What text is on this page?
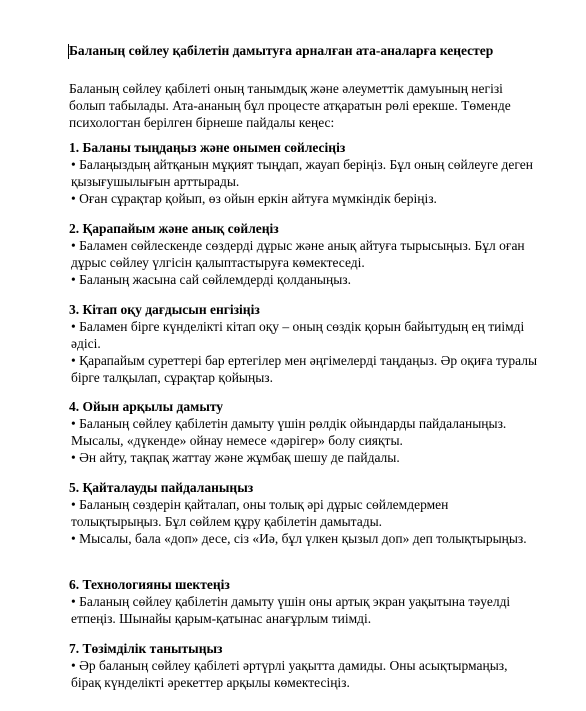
Баланың сөйлеу қабілетін дамытуға арналған ата-аналарға кеңестер
Баланың сөйлеу қабілеті оның танымдық және әлеуметтік дамуының негізі болып табылады. Ата-ананың бұл процесте атқаратын рөлі ерекше. Төменде психологтан берілген бірнеше пайдалы кеңес:
1. Баланы тыңдаңыз және онымен сөйлесіңіз
• Балаңыздың айтқанын мұқият тыңдап, жауап беріңіз. Бұл оның сөйлеуге деген қызығушылығын арттырады.
• Оған сұрақтар қойып, өз ойын еркін айтуға мүмкіндік беріңіз.
2. Қарапайым және анық сөйлеңіз
• Баламен сөйлескенде сөздерді дұрыс және анық айтуға тырысыңыз. Бұл оған дұрыс сөйлеу үлгісін қалыптастыруға көмектеседі.
• Баланың жасына сай сөйлемдерді қолданыңыз.
3. Кітап оқу дағдысын енгізіңіз
• Баламен бірге күнделікті кітап оқу – оның сөздік қорын байытудың ең тиімді әдісі.
• Қарапайым суреттері бар ертегілер мен әңгімелерді таңдаңыз. Әр оқиға туралы бірге талқылап, сұрақтар қойыңыз.
4. Ойын арқылы дамыту
• Баланың сөйлеу қабілетін дамыту үшін рөлдік ойындарды пайдаланыңыз. Мысалы, «дүкенде» ойнау немесе «дәрігер» болу сияқты.
• Ән айту, тақпақ жаттау және жұмбақ шешу де пайдалы.
5. Қайталауды пайдаланыңыз
• Баланың сөздерін қайталап, оны толық әрі дұрыс сөйлемдермен толықтырыңыз. Бұл сөйлем құру қабілетін дамытады.
• Мысалы, бала «доп» десе, сіз «Иә, бұл үлкен қызыл доп» деп толықтырыңыз.
6. Технологияны шектеңіз
• Баланың сөйлеу қабілетін дамыту үшін оны артық экран уақытына тәуелді етпеңіз. Шынайы қарым-қатынас анағұрлым тиімді.
7. Төзімділік танытыңыз
• Әр баланың сөйлеу қабілеті әртүрлі уақытта дамиды. Оны асықтырмаңыз, бірақ күнделікті әрекеттер арқылы көмектесіңіз.
